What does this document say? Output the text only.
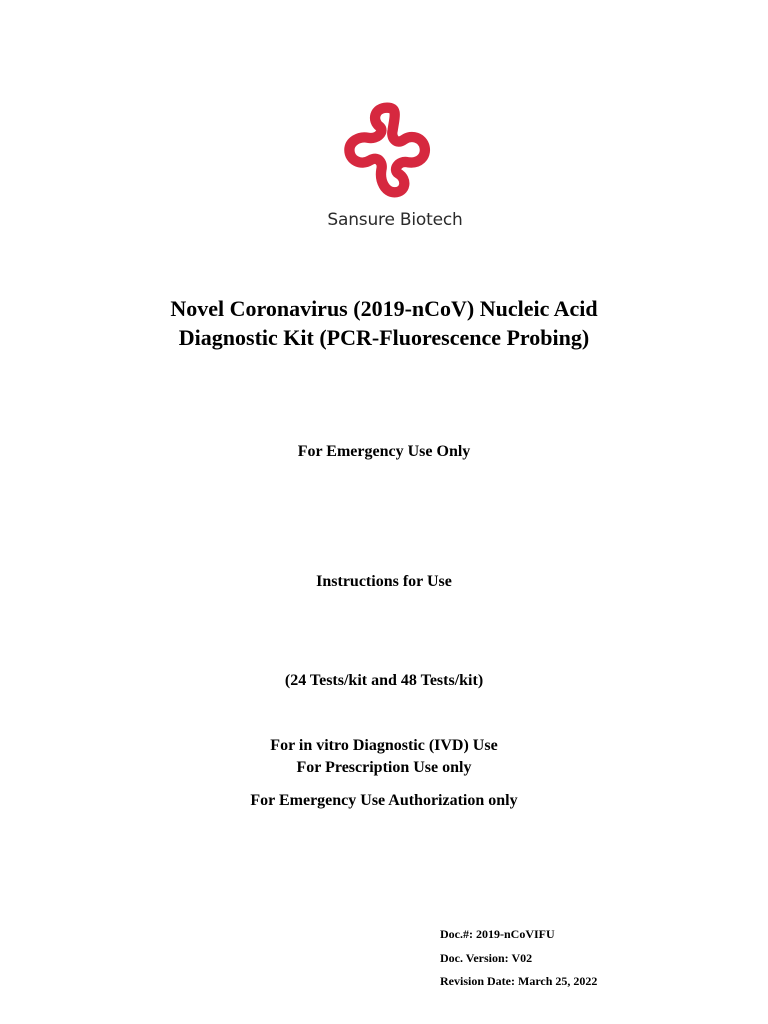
Sansure Biotech
Novel Coronavirus (2019-nCoV) Nucleic Acid
Diagnostic Kit (PCR-Fluorescence Probing)
For Emergency Use Only
Instructions for Use
(24 Tests/kit and 48 Tests/kit)
For in vitro Diagnostic (IVD) Use
For Prescription Use only
For Emergency Use Authorization only
Doc.#: 2019-nCoVIFU
Doc. Version: V02
Revision Date: March 25, 2022
